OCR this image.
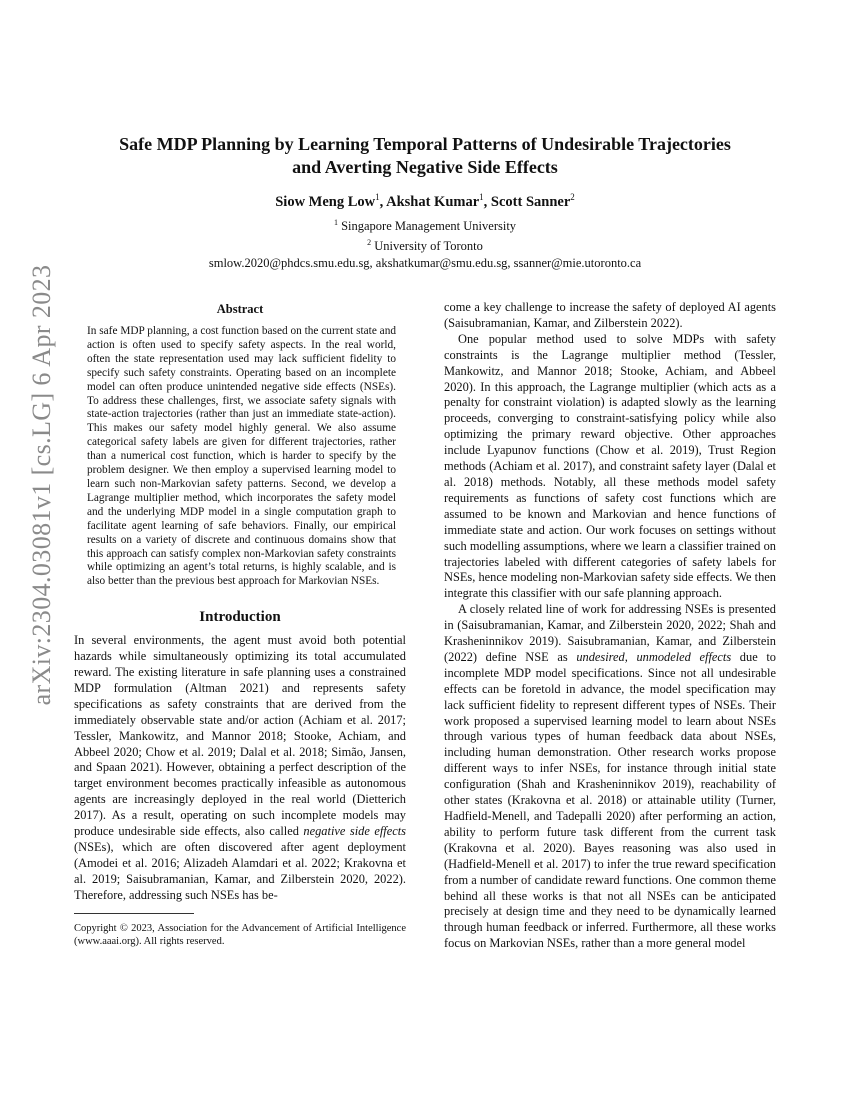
arXiv:2304.03081v1 [cs.LG] 6 Apr 2023
Safe MDP Planning by Learning Temporal Patterns of Undesirable Trajectories
and Averting Negative Side Effects
Siow Meng Low$^1$, Akshat Kumar$^1$, Scott Sanner$^2$
$^1$ Singapore Management University
$^2$ University of Toronto
smlow.2020@phdcs.smu.edu.sg, akshatkumar@smu.edu.sg, ssanner@mie.utoronto.ca
Abstract
In safe MDP planning, a cost function based on the current state and action is often used to specify safety aspects. In the real world, often the state representation used may lack sufficient fidelity to specify such safety constraints. Operating based on an incomplete model can often produce unintended negative side effects (NSEs). To address these challenges, first, we associate safety signals with state-action trajectories (rather than just an immediate state-action). This makes our safety model highly general. We also assume categorical safety labels are given for different trajectories, rather than a numerical cost function, which is harder to specify by the problem designer. We then employ a supervised learning model to learn such non-Markovian safety patterns. Second, we develop a Lagrange multiplier method, which incorporates the safety model and the underlying MDP model in a single computation graph to facilitate agent learning of safe behaviors. Finally, our empirical results on a variety of discrete and continuous domains show that this approach can satisfy complex non-Markovian safety constraints while optimizing an agent’s total returns, is highly scalable, and is also better than the previous best approach for Markovian NSEs.
Introduction

In several environments, the agent must avoid both potential hazards while simultaneously optimizing its total accumulated reward. The existing literature in safe planning uses a constrained MDP formulation (Altman 2021) and represents safety specifications as safety constraints that are derived from the immediately observable state and/or action (Achiam et al. 2017; Tessler, Mankowitz, and Mannor 2018; Stooke, Achiam, and Abbeel 2020; Chow et al. 2019; Dalal et al. 2018; Simão, Jansen, and Spaan 2021). However, obtaining a perfect description of the target environment becomes practically infeasible as autonomous agents are increasingly deployed in the real world (Dietterich 2017). As a result, operating on such incomplete models may produce undesirable side effects, also called negative side effects (NSEs), which are often discovered after agent deployment (Amodei et al. 2016; Alizadeh Alamdari et al. 2022; Krakovna et al. 2019; Saisubramanian, Kamar, and Zilberstein 2020, 2022). Therefore, addressing such NSEs has be-

Copyright © 2023, Association for the Advancement of Artificial Intelligence (www.aaai.org). All rights reserved.

come a key challenge to increase the safety of deployed AI agents (Saisubramanian, Kamar, and Zilberstein 2022).

One popular method used to solve MDPs with safety constraints is the Lagrange multiplier method (Tessler, Mankowitz, and Mannor 2018; Stooke, Achiam, and Abbeel 2020). In this approach, the Lagrange multiplier (which acts as a penalty for constraint violation) is adapted slowly as the learning proceeds, converging to constraint-satisfying policy while also optimizing the primary reward objective. Other approaches include Lyapunov functions (Chow et al. 2019), Trust Region methods (Achiam et al. 2017), and constraint safety layer (Dalal et al. 2018) methods. Notably, all these methods model safety requirements as functions of safety cost functions which are assumed to be known and Markovian and hence functions of immediate state and action. Our work focuses on settings without such modelling assumptions, where we learn a classifier trained on trajectories labeled with different categories of safety labels for NSEs, hence modeling non-Markovian safety side effects. We then integrate this classifier with our safe planning approach.

A closely related line of work for addressing NSEs is presented in (Saisubramanian, Kamar, and Zilberstein 2020, 2022; Shah and Krasheninnikov 2019). Saisubramanian, Kamar, and Zilberstein (2022) define NSE as undesired, unmodeled effects due to incomplete MDP model specifications. Since not all undesirable effects can be foretold in advance, the model specification may lack sufficient fidelity to represent different types of NSEs. Their work proposed a supervised learning model to learn about NSEs through various types of human feedback data about NSEs, including human demonstration. Other research works propose different ways to infer NSEs, for instance through initial state configuration (Shah and Krasheninnikov 2019), reachability of other states (Krakovna et al. 2018) or attainable utility (Turner, Hadfield-Menell, and Tadepalli 2020) after performing an action, ability to perform future task different from the current task (Krakovna et al. 2020). Bayes reasoning was also used in (Hadfield-Menell et al. 2017) to infer the true reward specification from a number of candidate reward functions. One common theme behind all these works is that not all NSEs can be anticipated precisely at design time and they need to be dynamically learned through human feedback or inferred. Furthermore, all these works focus on Markovian NSEs, rather than a more general model
